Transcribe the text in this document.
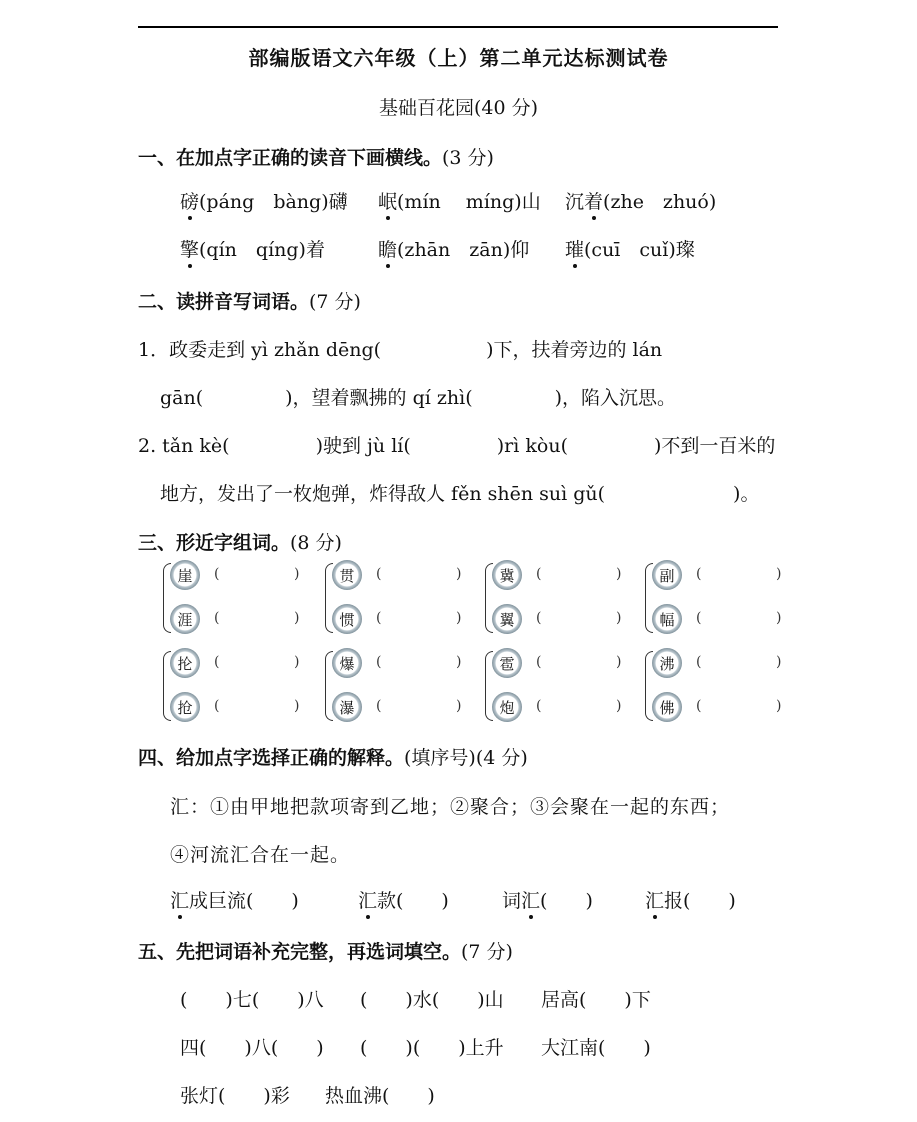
部编版语文六年级（上）第二单元达标测试卷
基础百花园(40 分)
一、在加点字正确的读音下画横线。(3 分)
磅(páng　bàng)礴 岷(mín　 míng)山 沉着(zhe　zhuó)
擎(qín　qíng)着	瞻(zhān　zān)仰 璀(cuī　cuǐ)璨
二、读拼音写词语。(7 分)
1．政委走到 yì zhǎn dēng(	)下，扶着旁边的 lán
gān(	)，望着飘拂的 qí zhì(	)，陷入沉思。
2. tǎn kè(	)驶到 jù lí(	)rì kòu(	)不到一百米的
地方，发出了一枚炮弹，炸得敌人 fěn shēn suì gǔ(	)。
三、形近字组词。(8 分)
崖	(	)
涯	(	)
贯	(	)
惯	(	)
冀	(	)
翼	(	)
副	(	)
幅	(	)
抡	(	)
抢	(	)
爆	(	)
瀑	(	)
雹	(	)
炮	(	)
沸	(	)
佛	(	)
四、给加点字选择正确的解释。(填序号)(4 分)
汇：①由甲地把款项寄到乙地；②聚合；③会聚在一起的东西；
④河流汇合在一起。
汇成巨流(　　)	汇款(　　)	词汇(　　)	汇报(　　)
五、先把词语补充完整，再选词填空。(7 分)
(　　)七(　　)八 (　　)水(　　)山 居高(　　)下
四(　　)八(　　) (　　)(　　)上升 大江南(　　)
张灯(　　)彩 热血沸(　　)
